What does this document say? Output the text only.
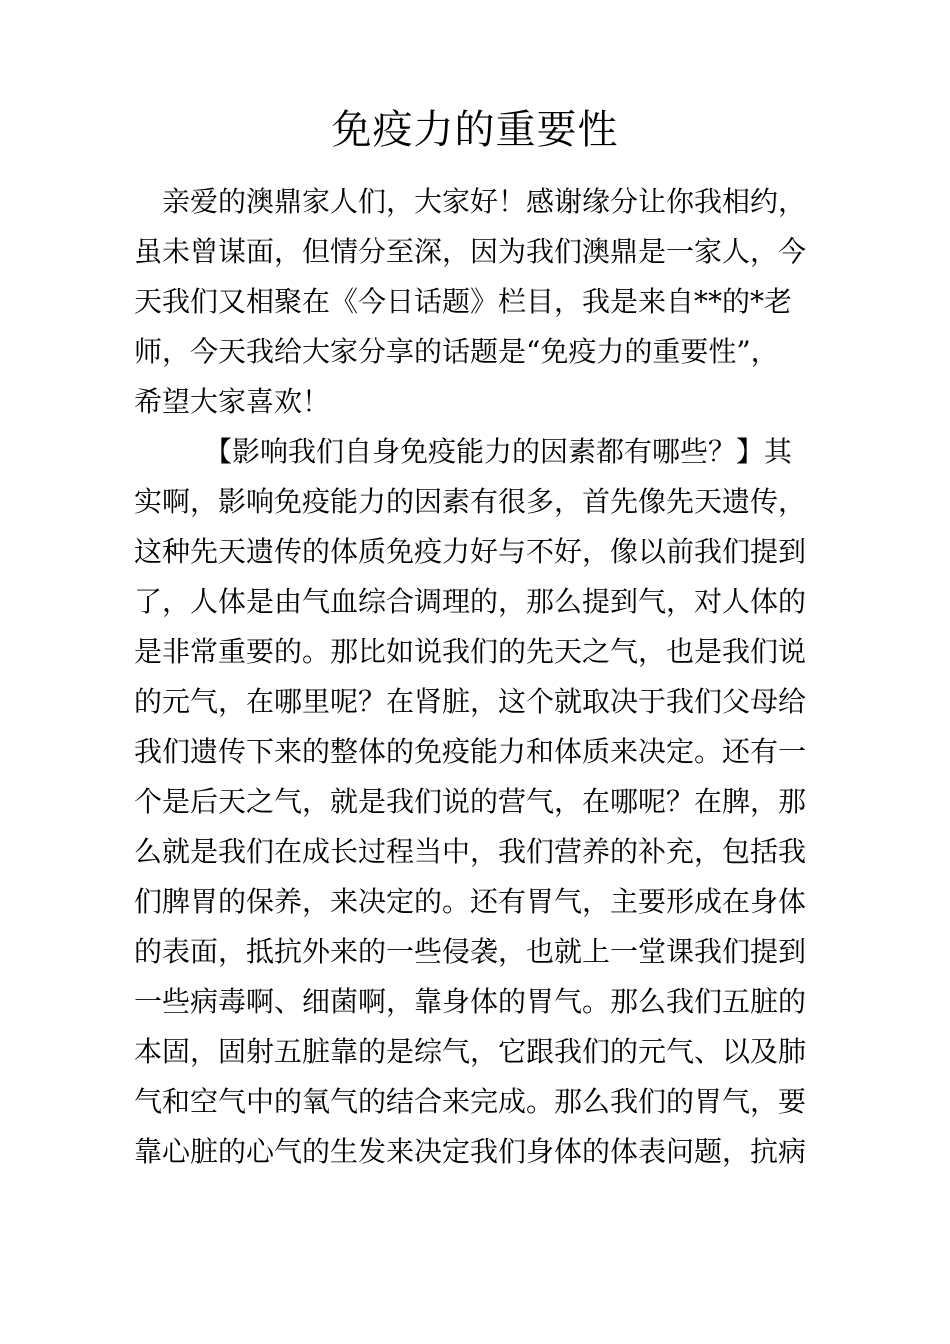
免疫力的重要性

　亲爱的澳鼎家人们，大家好！感谢缘分让你我相约，

虽未曾谋面，但情分至深，因为我们澳鼎是一家人，今

天我们又相聚在《今日话题》栏目，我是来自**的*老

师，今天我给大家分享的话题是“免疫力的重要性”，

希望大家喜欢！

　　　【影响我们自身免疫能力的因素都有哪些？】其

实啊，影响免疫能力的因素有很多，首先像先天遗传，

这种先天遗传的体质免疫力好与不好，像以前我们提到

了，人体是由气血综合调理的，那么提到气，对人体的

是非常重要的。那比如说我们的先天之气，也是我们说

的元气，在哪里呢？在肾脏，这个就取决于我们父母给

我们遗传下来的整体的免疫能力和体质来决定。还有一

个是后天之气，就是我们说的营气，在哪呢？在脾，那

么就是我们在成长过程当中，我们营养的补充，包括我

们脾胃的保养，来决定的。还有胃气，主要形成在身体

的表面，抵抗外来的一些侵袭，也就上一堂课我们提到

一些病毒啊、细菌啊，靠身体的胃气。那么我们五脏的

本固，固射五脏靠的是综气，它跟我们的元气、以及肺

气和空气中的氧气的结合来完成。那么我们的胃气，要

靠心脏的心气的生发来决定我们身体的体表问题，抗病
